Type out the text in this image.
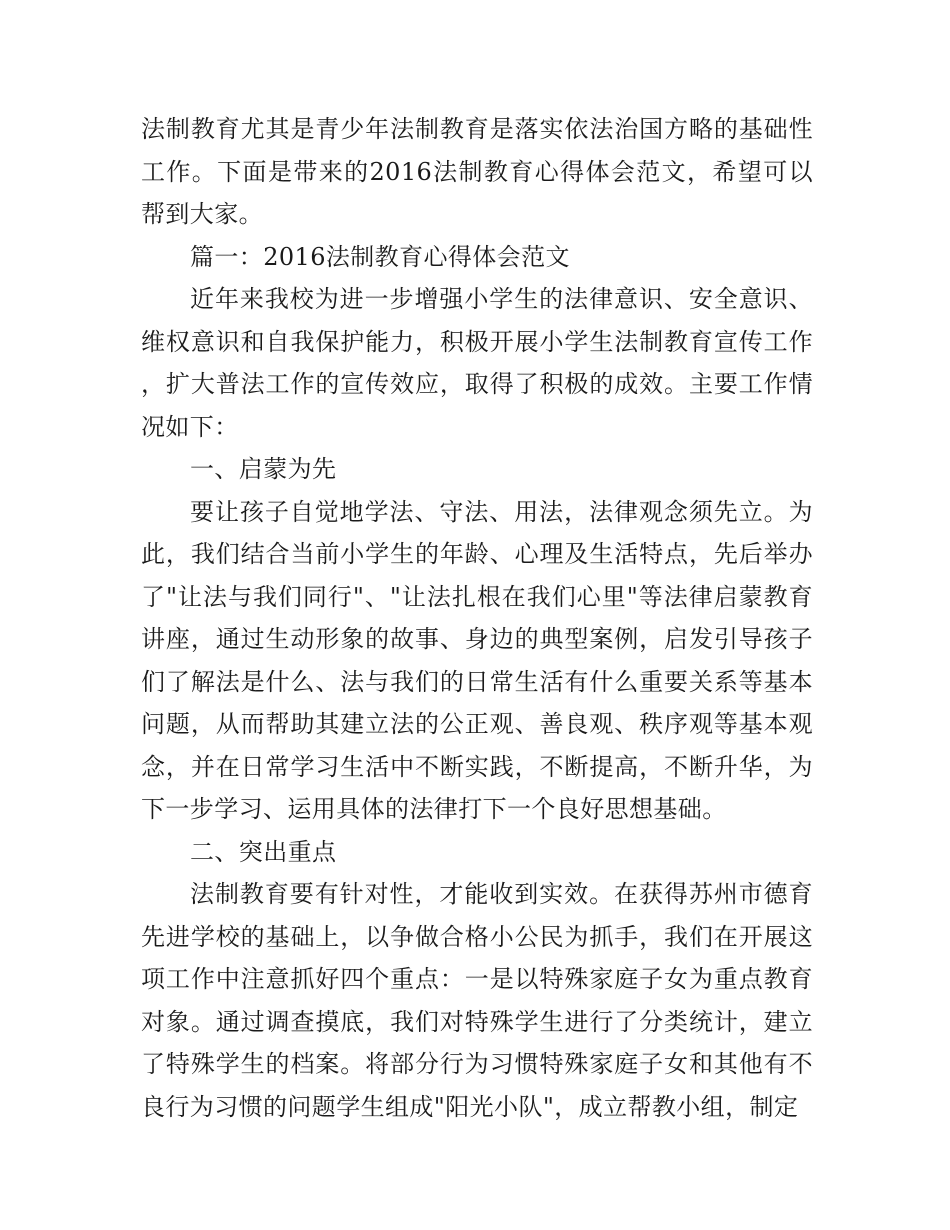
法制教育尤其是青少年法制教育是落实依法治国方略的基础性工作。下面是带来的2016法制教育心得体会范文，希望可以帮到大家。

篇一：2016法制教育心得体会范文

近年来我校为进一步增强小学生的法律意识、安全意识、维权意识和自我保护能力，积极开展小学生法制教育宣传工作，扩大普法工作的宣传效应，取得了积极的成效。主要工作情况如下：

一、启蒙为先

要让孩子自觉地学法、守法、用法，法律观念须先立。为此，我们结合当前小学生的年龄、心理及生活特点，先后举办了"让法与我们同行"、"让法扎根在我们心里"等法律启蒙教育讲座，通过生动形象的故事、身边的典型案例，启发引导孩子们了解法是什么、法与我们的日常生活有什么重要关系等基本问题，从而帮助其建立法的公正观、善良观、秩序观等基本观念，并在日常学习生活中不断实践，不断提高，不断升华，为下一步学习、运用具体的法律打下一个良好思想基础。

二、突出重点

法制教育要有针对性，才能收到实效。在获得苏州市德育先进学校的基础上，以争做合格小公民为抓手，我们在开展这项工作中注意抓好四个重点：一是以特殊家庭子女为重点教育对象。通过调查摸底，我们对特殊学生进行了分类统计，建立了特殊学生的档案。将部分行为习惯特殊家庭子女和其他有不良行为习惯的问题学生组成"阳光小队"，成立帮教小组，制定
